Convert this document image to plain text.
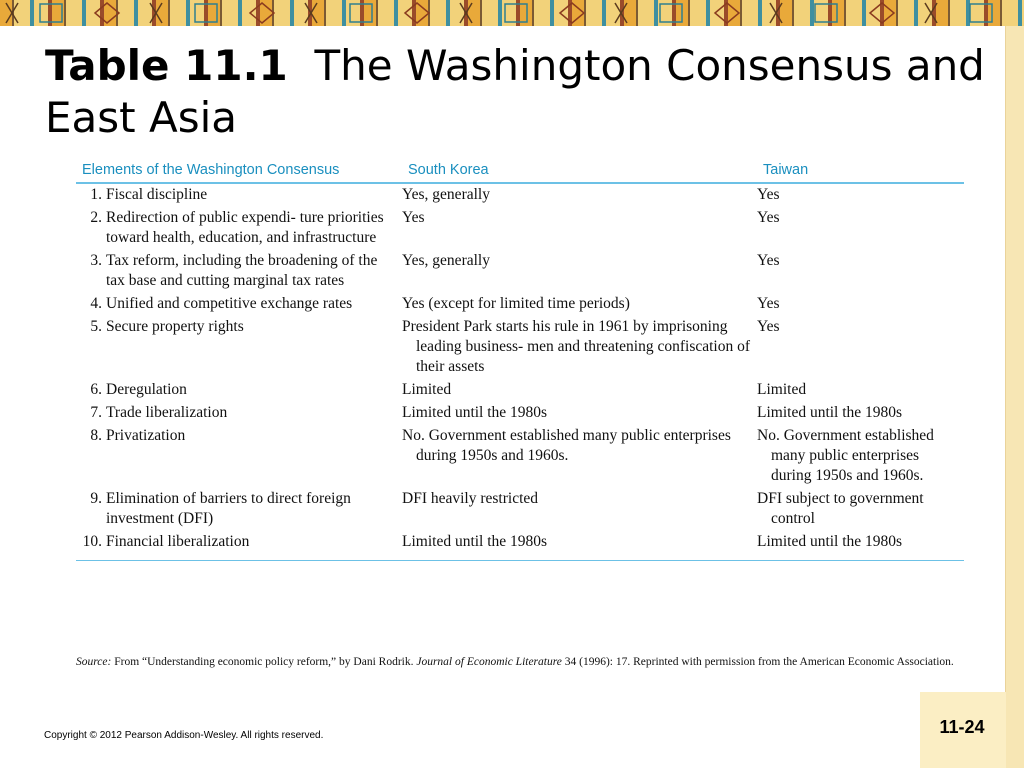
Table 11.1 The Washington Consensus and East Asia
Elements of the Washington Consensus	South Korea	Taiwan
1. Fiscal discipline	Yes, generally	Yes
2. Redirection of public expendi- ture priorities toward health, education, and infrastructure	Yes	Yes
3. Tax reform, including the broadening of the tax base and cutting marginal tax rates	Yes, generally	Yes
4. Unified and competitive exchange rates	Yes (except for limited time periods)	Yes
5. Secure property rights	President Park starts his rule in 1961 by imprisoning leading business- men and threatening confiscation of their assets	Yes
6. Deregulation	Limited	Limited
7. Trade liberalization	Limited until the 1980s	Limited until the 1980s
8. Privatization	No. Government established many public enterprises during 1950s and 1960s.	No. Government established many public enterprises during 1950s and 1960s.
9. Elimination of barriers to direct foreign investment (DFI)	DFI heavily restricted	DFI subject to government control
10. Financial liberalization	Limited until the 1980s	Limited until the 1980s
Source: From “Understanding economic policy reform,” by Dani Rodrik. Journal of Economic Literature 34 (1996): 17. Reprinted with permission from the American Economic Association.
Copyright © 2012 Pearson Addison-Wesley. All rights reserved.	11-24
